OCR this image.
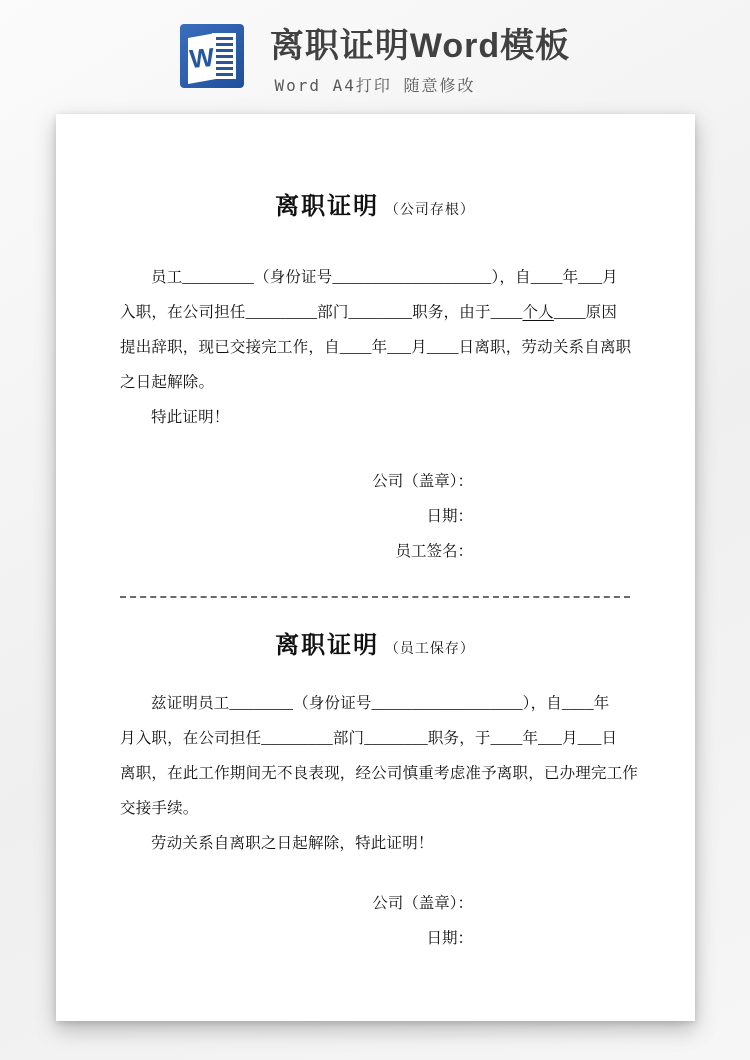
W 离职证明Word模板
Word A4打印 随意修改
离职证明 （公司存根）
员工_________（身份证号____________________），自____年___月
入职，在公司担任_________部门________职务，由于____个人____原因
提出辞职，现已交接完工作，自____年___月____日离职，劳动关系自离职
之日起解除。
特此证明！
公司（盖章）：
日期：
员工签名：
离职证明 （员工保存）
兹证明员工________（身份证号___________________），自____年
月入职，在公司担任_________部门________职务，于____年___月___日
离职，在此工作期间无不良表现，经公司慎重考虑准予离职，已办理完工作
交接手续。
劳动关系自离职之日起解除，特此证明！
公司（盖章）：
日期：
